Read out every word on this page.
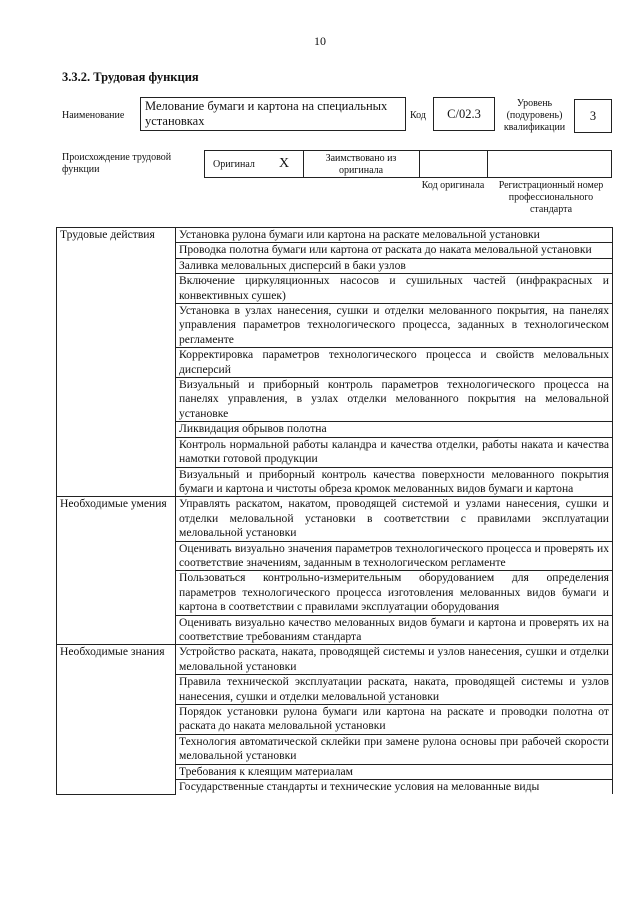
10
3.3.2. Трудовая функция
Наименование
Мелование бумаги и картона на специальных установках	Код	С/02.3
Уровень (подуровень) квалификации
3
Происхождение трудовой функции	Оригинал X	Заимствовано из оригинала
Код оригинала	Регистрационный номер профессионального стандарта
Трудовые действия	Установка рулона бумаги или картона на раскате меловальной установки
	Проводка полотна бумаги или картона от раската до наката меловальной установки
	Заливка меловальных дисперсий в баки узлов
	Включение циркуляционных насосов и сушильных частей (инфракрасных и конвективных сушек)
	Установка в узлах нанесения, сушки и отделки мелованного покрытия, на панелях управления параметров технологического процесса, заданных в технологическом регламенте
	Корректировка параметров технологического процесса и свойств меловальных дисперсий
	Визуальный и приборный контроль параметров технологического процесса на панелях управления, в узлах отделки мелованного покрытия на меловальной установке
	Ликвидация обрывов полотна
	Контроль нормальной работы каландра и качества отделки, работы наката и качества намотки готовой продукции
	Визуальный и приборный контроль качества поверхности мелованного покрытия бумаги и картона и чистоты обреза кромок мелованных видов бумаги и картона
Необходимые умения	Управлять раскатом, накатом, проводящей системой и узлами нанесения, сушки и отделки меловальной установки в соответствии с правилами эксплуатации меловальной установки
	Оценивать визуально значения параметров технологического процесса и проверять их соответствие значениям, заданным в технологическом регламенте
	Пользоваться контрольно-измерительным оборудованием для определения параметров технологического процесса изготовления мелованных видов бумаги и картона в соответствии с правилами эксплуатации оборудования
	Оценивать визуально качество мелованных видов бумаги и картона и проверять их на соответствие требованиям стандарта
Необходимые знания	Устройство раската, наката, проводящей системы и узлов нанесения, сушки и отделки меловальной установки
	Правила технической эксплуатации раската, наката, проводящей системы и узлов нанесения, сушки и отделки меловальной установки
	Порядок установки рулона бумаги или картона на раскате и проводки полотна от раската до наката меловальной установки
	Технология автоматической склейки при замене рулона основы при рабочей скорости меловальной установки
	Требования к клеящим материалам
	Государственные стандарты и технические условия на мелованные виды
